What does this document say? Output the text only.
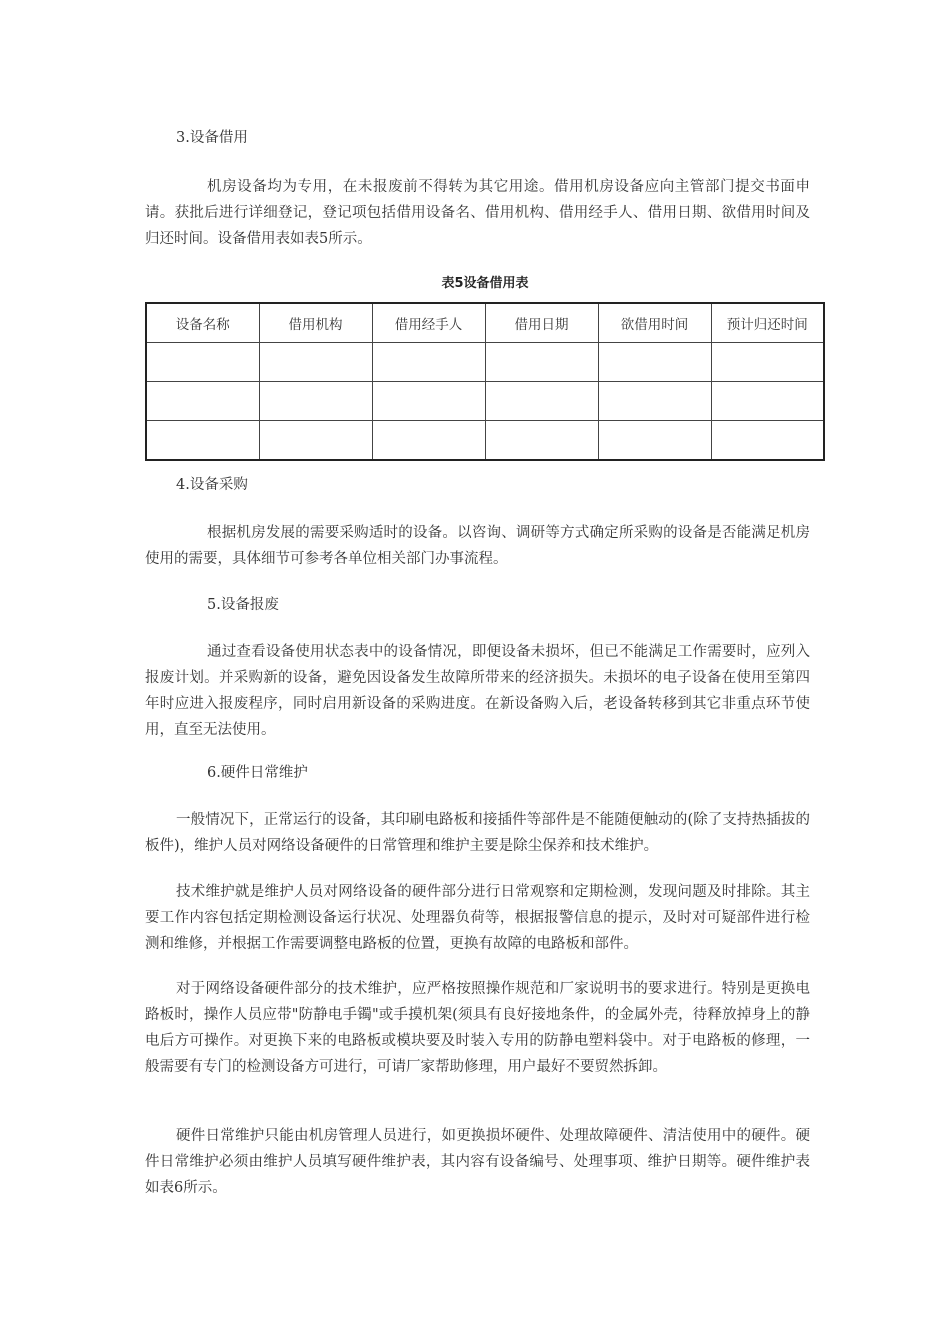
3.设备借用

机房设备均为专用，在未报废前不得转为其它用途。借用机房设备应向主管部门提交书面申请。获批后进行详细登记，登记项包括借用设备名、借用机构、借用经手人、借用日期、欲借用时间及归还时间。设备借用表如表5所示。

表5设备借用表
设备名称	借用机构	借用经手人	借用日期	欲借用时间	预计归还时间

4.设备采购

根据机房发展的需要采购适时的设备。以咨询、调研等方式确定所采购的设备是否能满足机房使用的需要，具体细节可参考各单位相关部门办事流程。

5.设备报废

通过查看设备使用状态表中的设备情况，即便设备未损坏，但已不能满足工作需要时，应列入报废计划。并采购新的设备，避免因设备发生故障所带来的经济损失。未损坏的电子设备在使用至第四年时应进入报废程序，同时启用新设备的采购进度。在新设备购入后，老设备转移到其它非重点环节使用，直至无法使用。

6.硬件日常维护

一般情况下，正常运行的设备，其印刷电路板和接插件等部件是不能随便触动的(除了支持热插拔的板件)，维护人员对网络设备硬件的日常管理和维护主要是除尘保养和技术维护。

技术维护就是维护人员对网络设备的硬件部分进行日常观察和定期检测，发现问题及时排除。其主要工作内容包括定期检测设备运行状况、处理器负荷等，根据报警信息的提示，及时对可疑部件进行检测和维修，并根据工作需要调整电路板的位置，更换有故障的电路板和部件。

对于网络设备硬件部分的技术维护，应严格按照操作规范和厂家说明书的要求进行。特别是更换电路板时，操作人员应带"防静电手镯"或手摸机架(须具有良好接地条件，的金属外壳，待释放掉身上的静电后方可操作。对更换下来的电路板或模块要及时装入专用的防静电塑料袋中。对于电路板的修理，一般需要有专门的检测设备方可进行，可请厂家帮助修理，用户最好不要贸然拆卸。

硬件日常维护只能由机房管理人员进行，如更换损坏硬件、处理故障硬件、清洁使用中的硬件。硬件日常维护必须由维护人员填写硬件维护表，其内容有设备编号、处理事项、维护日期等。硬件维护表如表6所示。
